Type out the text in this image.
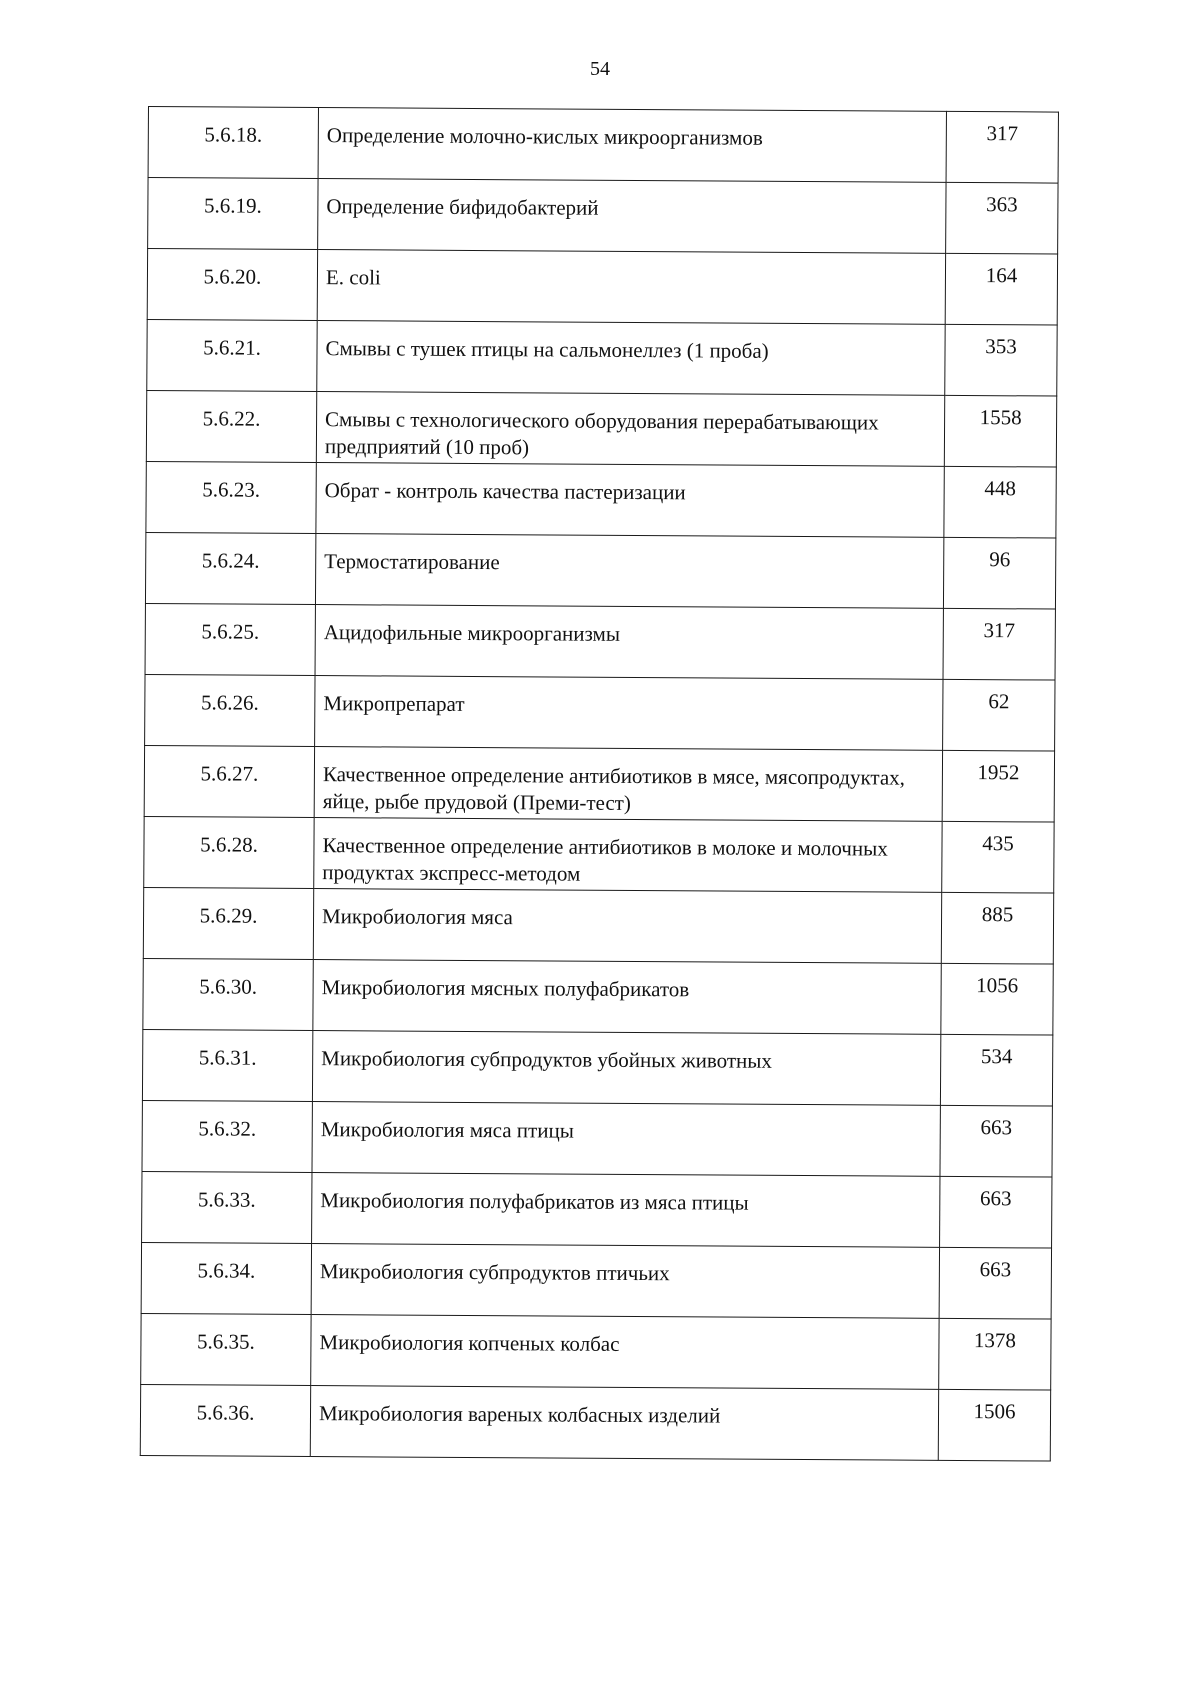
54
5.6.18.	Определение молочно-кислых микроорганизмов	317
5.6.19.	Определение бифидобактерий	363
5.6.20.	E. coli	164
5.6.21.	Смывы с тушек птицы на сальмонеллез (1 проба)	353
5.6.22.	Смывы с технологического оборудования перерабатывающих предприятий (10 проб)	1558
5.6.23.	Обрат - контроль качества пастеризации	448
5.6.24.	Термостатирование	96
5.6.25.	Ацидофильные микроорганизмы	317
5.6.26.	Микропрепарат	62
5.6.27.	Качественное определение антибиотиков в мясе, мясопродуктах, яйце, рыбе прудовой (Преми-тест)	1952
5.6.28.	Качественное определение антибиотиков в молоке и молочных продуктах экспресс-методом	435
5.6.29.	Микробиология мяса	885
5.6.30.	Микробиология мясных полуфабрикатов	1056
5.6.31.	Микробиология субпродуктов убойных животных	534
5.6.32.	Микробиология мяса птицы	663
5.6.33.	Микробиология полуфабрикатов из мяса птицы	663
5.6.34.	Микробиология субпродуктов птичьих	663
5.6.35.	Микробиология копченых колбас	1378
5.6.36.	Микробиология вареных колбасных изделий	1506
